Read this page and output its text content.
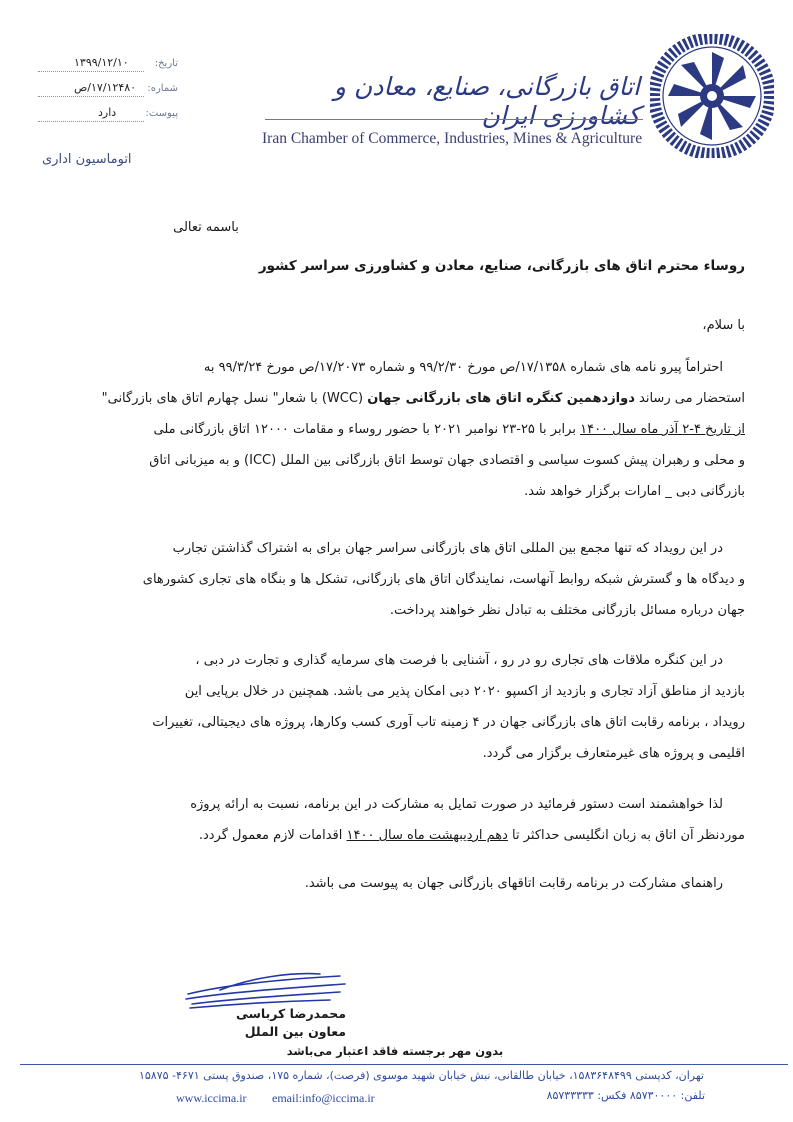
تاریخ:
۱۳۹۹/۱۲/۱۰
شماره:
۱۷/۱۲۴۸۰/ص
پیوست:
دارد
اتوماسیون اداری
اتاق بازرگانی، صنایع، معادن و کشاورزی ایران
Iran Chamber of Commerce, Industries, Mines & Agriculture
باسمه تعالی
روساء محترم اتاق های بازرگانی، صنایع، معادن و کشاورزی سراسر کشور
با سلام،
احتراماً پیرو نامه های شماره ۱۷/۱۳۵۸/ص مورخ ۹۹/۲/۳۰ و شماره ۱۷/۲۰۷۳/ص مورخ ۹۹/۳/۲۴ به
استحضار می رساند دوازدهمین کنگره اتاق های بازرگانی جهان (WCC) با شعار" نسل چهارم اتاق های بازرگانی"
از تاریخ ۴-۲ آذر ماه سال ۱۴۰۰ برابر با ۲۵-۲۳ نوامبر ۲۰۲۱ با حضور روساء و مقامات ۱۲۰۰۰ اتاق بازرگانی ملی
و محلی و رهبران پیش کسوت سیاسی و اقتصادی جهان توسط اتاق بازرگانی بین الملل (ICC) و به میزبانی اتاق
بازرگانی دبی _ امارات برگزار خواهد شد.
در این رویداد که تنها مجمع بین المللی اتاق های بازرگانی سراسر جهان برای به اشتراک گذاشتن تجارب
و دیدگاه ها و گسترش شبکه روابط آنهاست، نمایندگان اتاق های بازرگانی، تشکل ها و بنگاه های تجاری کشورهای
جهان درباره مسائل بازرگانی مختلف به تبادل نظر خواهند پرداخت.
در این کنگره ملاقات های تجاری رو در رو ، آشنایی با فرصت های سرمایه گذاری و تجارت در دبی ،
بازدید از مناطق آزاد تجاری و بازدید از اکسپو ۲۰۲۰ دبی امکان پذیر می باشد. همچنین در خلال برپایی این
رویداد ، برنامه رقابت اتاق های بازرگانی جهان در ۴ زمینه تاب آوری کسب وکارها، پروژه های دیجیتالی، تغییرات
اقلیمی و پروژه های غیرمتعارف برگزار می گردد.
لذا خواهشمند است دستور فرمائید در صورت تمایل به مشارکت در این برنامه، نسبت به ارائه پروژه
موردنظر آن اتاق به زبان انگلیسی حداکثر تا دهم اردیبهشت ماه سال ۱۴۰۰ اقدامات لازم معمول گردد.
راهنمای مشارکت در برنامه رقابت اتاقهای بازرگانی جهان به پیوست می باشد.
محمدرضا کرباسی
معاون بین الملل
بدون مهر برجسته فاقد اعتبار می‌باشد
تهران، کدپستی ۱۵۸۳۶۴۸۴۹۹، خیابان طالقانی، نبش خیابان شهید موسوی (فرصت)، شماره ۱۷۵، صندوق پستی ۴۶۷۱- ۱۵۸۷۵
www.iccima.ir email:info@iccima.ir	تلفن: ۸۵۷۳۰۰۰۰ فکس: ۸۵۷۳۳۳۳۳
